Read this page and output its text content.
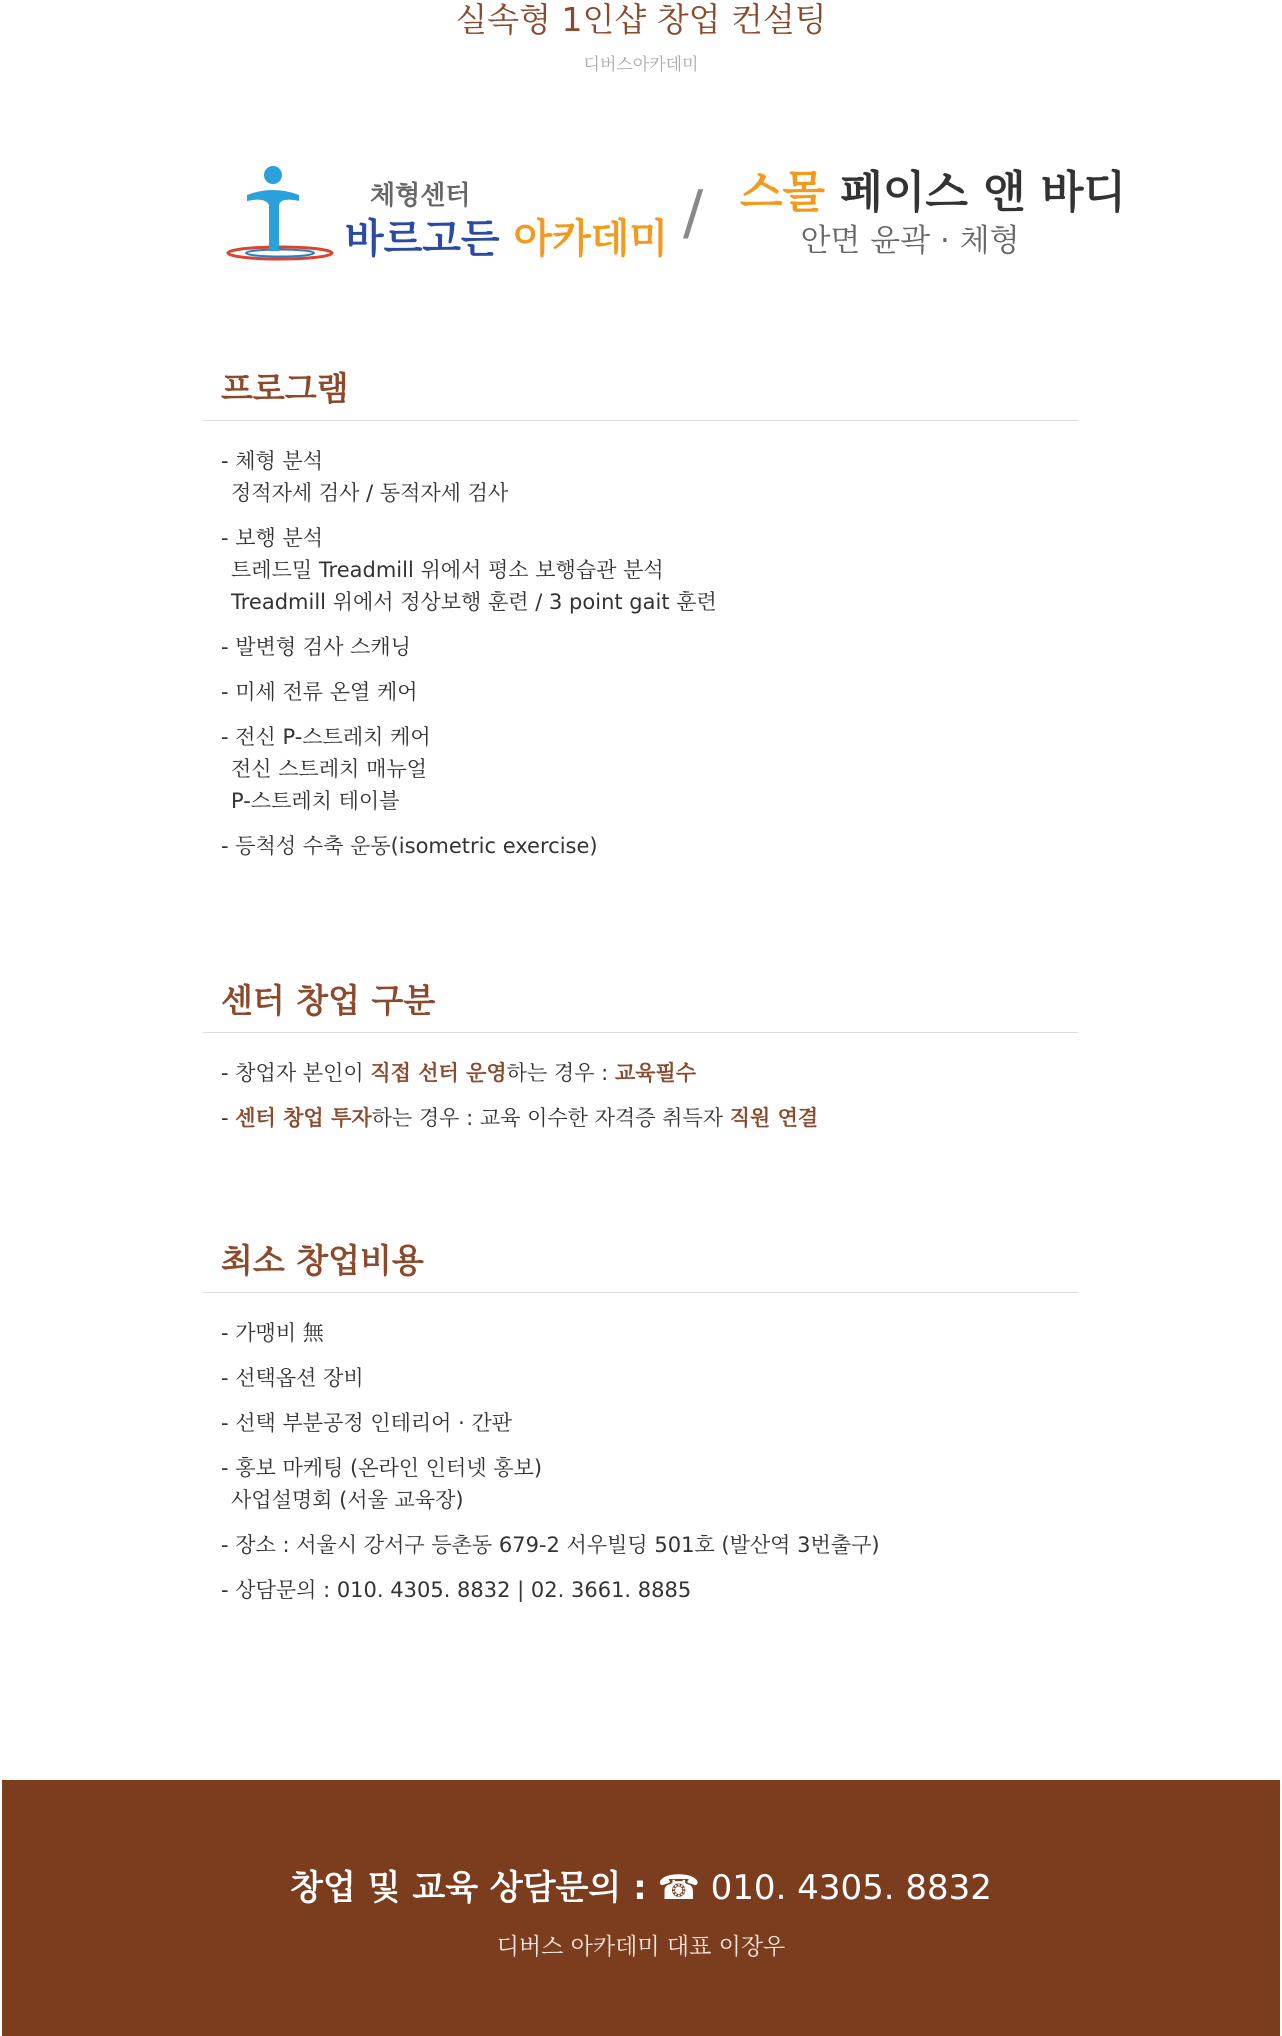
실속형 1인샵 창업 컨설팅
디버스아카데미
체형센터
바르고든 아카데미 / 스몰 페이스 앤 바디
안면 윤곽 · 체형
프로그램
- 체형 분석
정적자세 검사 / 동적자세 검사
- 보행 분석
트레드밀 Treadmill 위에서 평소 보행습관 분석
Treadmill 위에서 정상보행 훈련 / 3 point gait 훈련
- 발변형 검사 스캐닝
- 미세 전류 온열 케어
- 전신 P-스트레치 케어
전신 스트레치 매뉴얼
P-스트레치 테이블
- 등척성 수축 운동(isometric exercise)
센터 창업 구분
- 창업자 본인이 직접 선터 운영하는 경우 : 교육필수
- 센터 창업 투자하는 경우 : 교육 이수한 자격증 취득자 직원 연결
최소 창업비용
- 가맹비 無
- 선택옵션 장비
- 선택 부분공정 인테리어 · 간판
- 홍보 마케팅 (온라인 인터넷 홍보)
사업설명회 (서울 교육장)
- 장소 : 서울시 강서구 등촌동 679-2 서우빌딩 501호 (발산역 3번출구)
- 상담문의 : 010. 4305. 8832 | 02. 3661. 8885
창업 및 교육 상담문의 : ☎ 010. 4305. 8832
디버스 아카데미 대표 이장우
